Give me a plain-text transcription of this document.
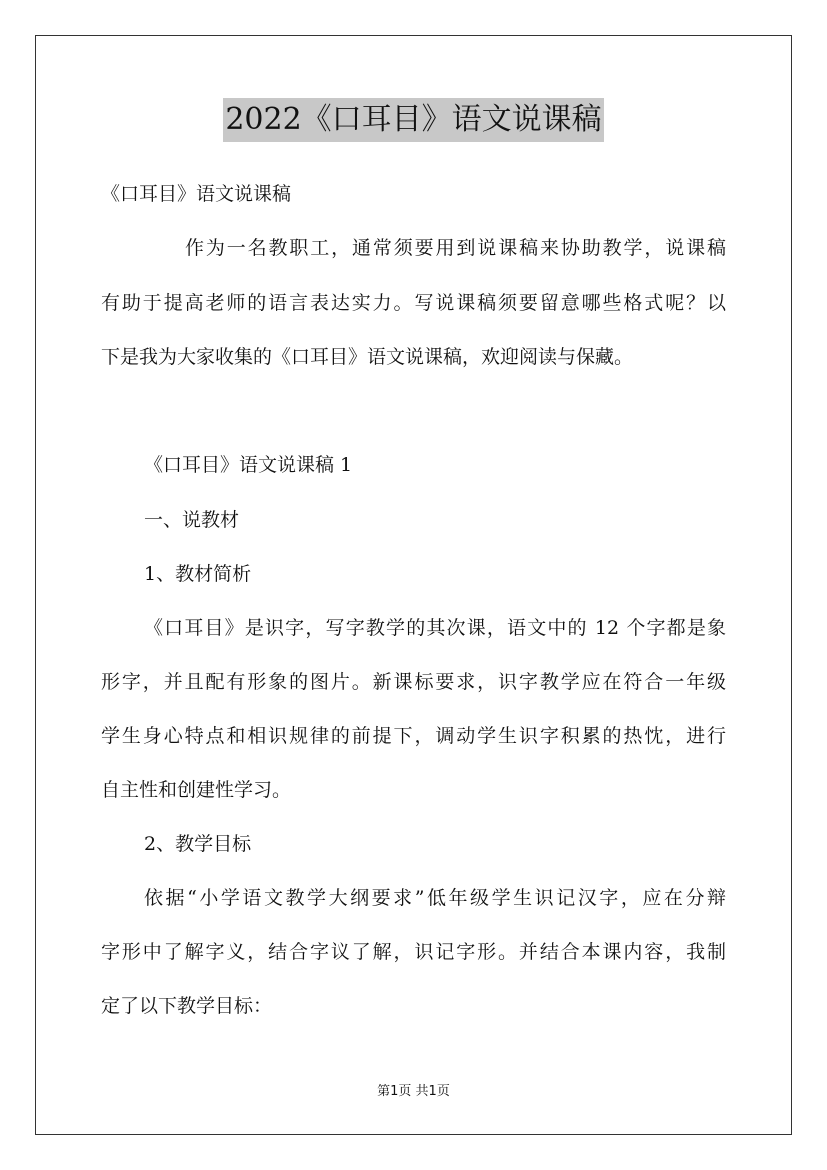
2022《口耳目》语文说课稿
《口耳目》语文说课稿
作为一名教职工，通常须要用到说课稿来协助教学，说课稿
有助于提高老师的语言表达实力。写说课稿须要留意哪些格式呢？以
下是我为大家收集的《口耳目》语文说课稿，欢迎阅读与保藏。
《口耳目》语文说课稿 1
一、说教材
1、教材简析
《口耳目》是识字，写字教学的其次课，语文中的 12 个字都是象
形字，并且配有形象的图片。新课标要求，识字教学应在符合一年级
学生身心特点和相识规律的前提下，调动学生识字积累的热忱，进行
自主性和创建性学习。
2、教学目标
依据“小学语文教学大纲要求”低年级学生识记汉字，应在分辩
字形中了解字义，结合字议了解，识记字形。并结合本课内容，我制
定了以下教学目标：
第1页 共1页
